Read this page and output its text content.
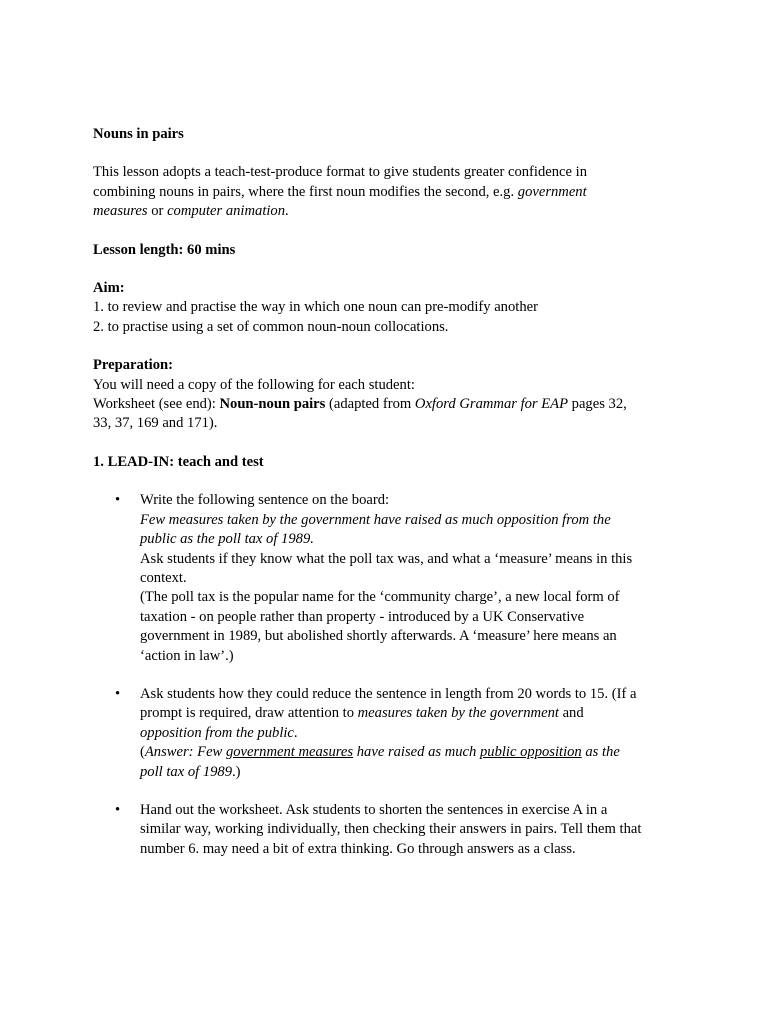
Nouns in pairs

This lesson adopts a teach-test-produce format to give students greater confidence in
combining nouns in pairs, where the first noun modifies the second, e.g. government
measures or computer animation.

Lesson length: 60 mins

Aim:

1. to review and practise the way in which one noun can pre-modify another

2. to practise using a set of common noun-noun collocations.

Preparation:

You will need a copy of the following for each student:

Worksheet (see end): Noun-noun pairs (adapted from Oxford Grammar for EAP pages 32,

33, 37, 169 and 171).

1. LEAD-IN: teach and test

• Write the following sentence on the board:
Few measures taken by the government have raised as much opposition from the
public as the poll tax of 1989.
Ask students if they know what the poll tax was, and what a ‘measure’ means in this
context.
(The poll tax is the popular name for the ‘community charge’, a new local form of
taxation - on people rather than property - introduced by a UK Conservative
government in 1989, but abolished shortly afterwards. A ‘measure’ here means an
‘action in law’.)
• Ask students how they could reduce the sentence in length from 20 words to 15. (If a
prompt is required, draw attention to measures taken by the government and
opposition from the public.
(Answer: Few government measures have raised as much public opposition as the
poll tax of 1989.)
• Hand out the worksheet. Ask students to shorten the sentences in exercise A in a
similar way, working individually, then checking their answers in pairs. Tell them that
number 6. may need a bit of extra thinking. Go through answers as a class.
